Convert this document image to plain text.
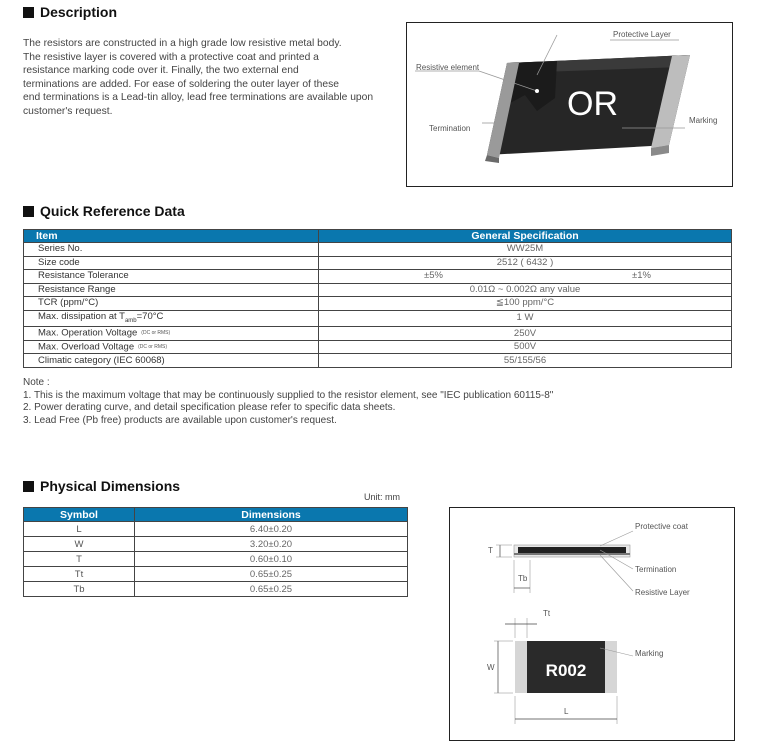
Description
The resistors are constructed in a high grade low resistive metal body.
The resistive layer is covered with a protective coat and printed a
resistance marking code over it. Finally, the two external end
terminations are added. For ease of soldering the outer layer of these
end terminations is a Lead-tin alloy, lead free terminations are available upon
customer's request.	OR
Protective Layer
Resistive element
Termination
Marking
Quick Reference Data
Item	General Specification
Series No.	WW25M
Size code	2512 ( 6432 )
Resistance Tolerance	±5% ±1%

Resistance Range	0.01Ω ~ 0.002Ω any value
TCR (ppm/°C)	≦100 ppm/°C
Max. dissipation at $T_{amb}=70^\circ C$	1 W
Max. Operation Voltage (DC or RMS)	250V
Max. Overload Voltage (DC or RMS)	500V
Climatic category (IEC 60068)	55/155/56
Note :
1. This is the maximum voltage that may be continuously supplied to the resistor element, see "IEC publication 60115-8"
2. Power derating curve, and detail specification please refer to specific data sheets.
3. Lead Free (Pb free) products are available upon customer's request.
Physical Dimensions
Unit: mm
Symbol	Dimensions
L	6.40±0.20
W	3.20±0.20
T	0.60±0.10
Tt	0.65±0.25
Tb	0.65±0.25
R002
Protective coat
Termination
Resistive Layer
Marking
T
Tb
Tt
W
L
